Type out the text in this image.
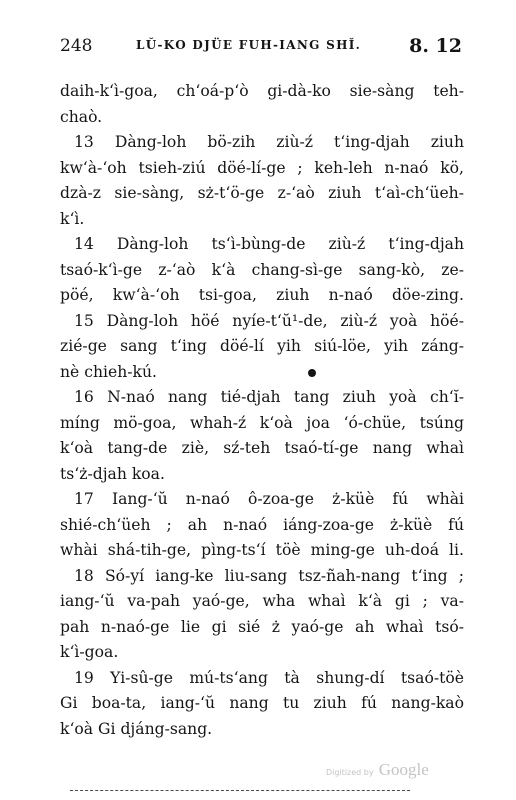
248	LŬ-KO DJÜE FUH-IANG SHĬ.	8. 12
daih-k‘ì-goa, ch‘oá-p‘ò gi-dà-ko sie-sàng teh-
chaò.
13 Dàng-loh bö-zih ziù-ź t‘ing-djah ziuh
kw‘à-‘oh tsieh-ziú döé-lí-ge ; keh-leh n-naó kö,
dzà-z sie-sàng, sż-t‘ö-ge z-‘aò ziuh t‘aì-ch‘üeh-
k‘ì.
14 Dàng-loh ts‘ì-bùng-de ziù-ź t‘ing-djah
tsaó-k‘ì-ge z-‘aò k‘à chang-sì-ge sang-kò, ze-
pöé, kw‘à-‘oh tsi-goa, ziuh n-naó döe-zing.
15 Dàng-loh höé nyíe-t‘ŭ¹-de, ziù-ź yoà höé-
zié-ge sang t‘ing döé-lí yih siú-löe, yih záng-
nè chieh-kú.
16 N-naó nang tié-djah tang ziuh yoà ch‘ĭ-
míng mö-goa, whah-ź k‘oà joa ‘ó-chüe, tsúng
k‘oà tang-de ziè, sź-teh tsaó-tí-ge nang whaì
ts‘ż-djah koa.
17 Iang-‘ŭ n-naó ô-zoa-ge ż-küè fú whài
shié-ch‘üeh ; ah n-naó iáng-zoa-ge ż-küè fú
whài shá-tih-ge, pìng-ts‘í töè ming-ge uh-doá li.
18 Só-yí iang-ke liu-sang tsz-ñah-nang t‘ing ;
iang-‘ŭ va-pah yaó-ge, wha whaì k‘à gi ; va-
pah n-naó-ge lie gi sié ż yaó-ge ah whaì tsó-
k‘ì-goa.
19 Yi-sû-ge mú-ts‘ang tà shung-dí tsaó-töè
Gi boa-ta, iang-‘ŭ nang tu ziuh fú nang-kaò
k‘oà Gi djáng-sang.
Digitized by Google
